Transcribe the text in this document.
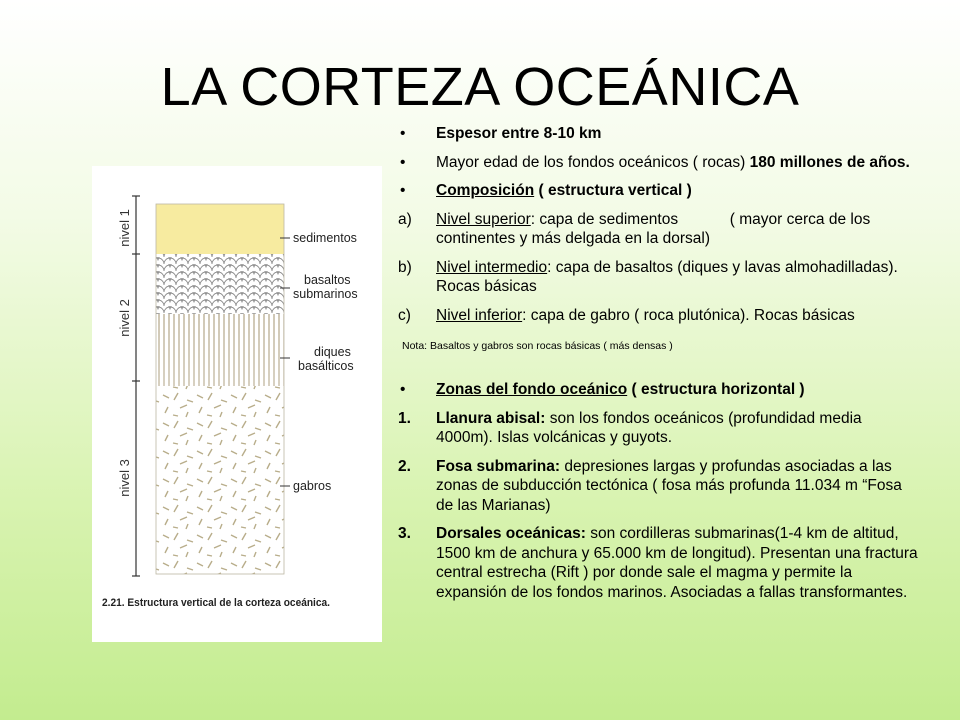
LA CORTEZA OCEÁNICA
nivel 1
nivel 2
nivel 3
sedimentos
basaltos
submarinos
diques
basálticos
gabros
2.21. Estructura vertical de la corteza oceánica.
•	Espesor entre 8-10 km
•	Mayor edad de los fondos oceánicos ( rocas) 180 millones de años.
•	Composición ( estructura vertical )
a)	Nivel superior: capa de sedimentos            ( mayor cerca de los continentes y más delgada en la dorsal)
b)	Nivel intermedio: capa de basaltos (diques y lavas almohadilladas). Rocas básicas
c)	Nivel inferior: capa de gabro ( roca plutónica). Rocas básicas
Nota: Basaltos y gabros son rocas básicas ( más densas )
•	Zonas del fondo oceánico ( estructura horizontal )
1.	Llanura abisal: son los fondos oceánicos (profundidad media 4000m). Islas volcánicas y guyots.
2.	Fosa submarina: depresiones largas y profundas asociadas a las zonas de subducción tectónica ( fosa más profunda 11.034 m “Fosa de las Marianas)
3.	Dorsales oceánicas: son cordilleras submarinas(1-4 km de altitud, 1500 km de anchura y 65.000 km de longitud). Presentan una fractura central estrecha (Rift ) por donde sale el magma y permite la expansión de los fondos marinos. Asociadas a fallas transformantes.
